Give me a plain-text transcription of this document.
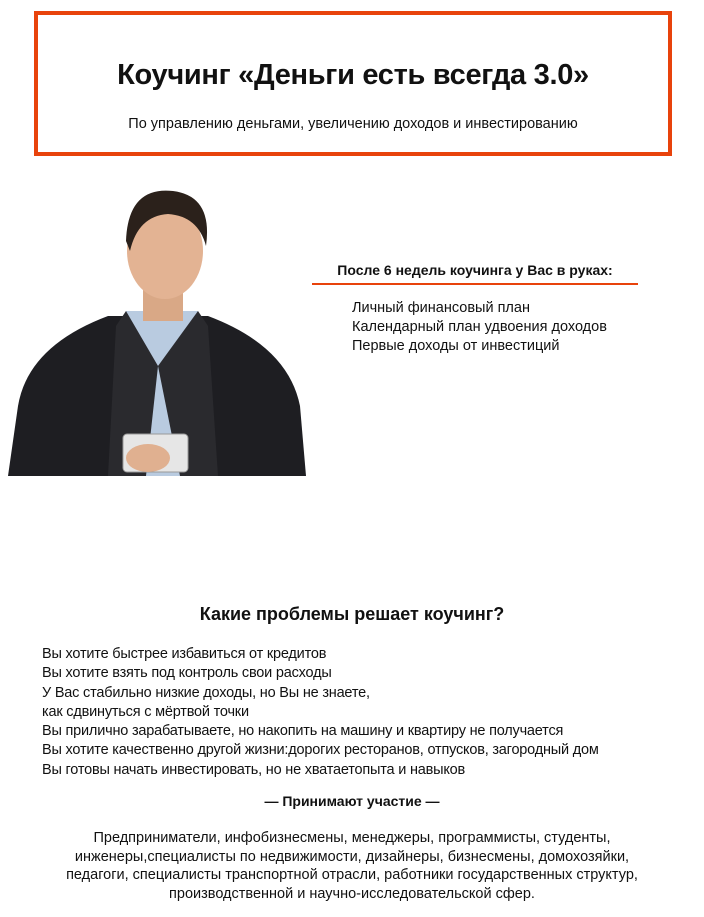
Коучинг «Деньги есть всегда 3.0»

По управлению деньгами, увеличению доходов и инвестированию

После 6 недель коучинга у Вас в руках:
Личный финансовый план
Календарный план удвоения доходов
Первые доходы от инвестиций
Какие проблемы решает коучинг?
Вы хотите быстрее избавиться от кредитов
Вы хотите взять под контроль свои расходы
У Вас стабильно низкие доходы, но Вы не знаете,
как сдвинуться с мёртвой точки
Вы прилично зарабатываете, но накопить на машину и квартиру не получается
Вы хотите качественно другой жизни:дорогих ресторанов, отпусков, загородный дом
Вы готовы начать инвестировать, но не хватаетопыта и навыков
— Принимают участие —
Предприниматели, инфобизнесмены, менеджеры, программисты, студенты,
инженеры,специалисты по недвижимости, дизайнеры, бизнесмены, домохозяйки,
педагоги, специалисты транспортной отрасли, работники государственных структур,
производственной и научно-исследовательской сфер.
